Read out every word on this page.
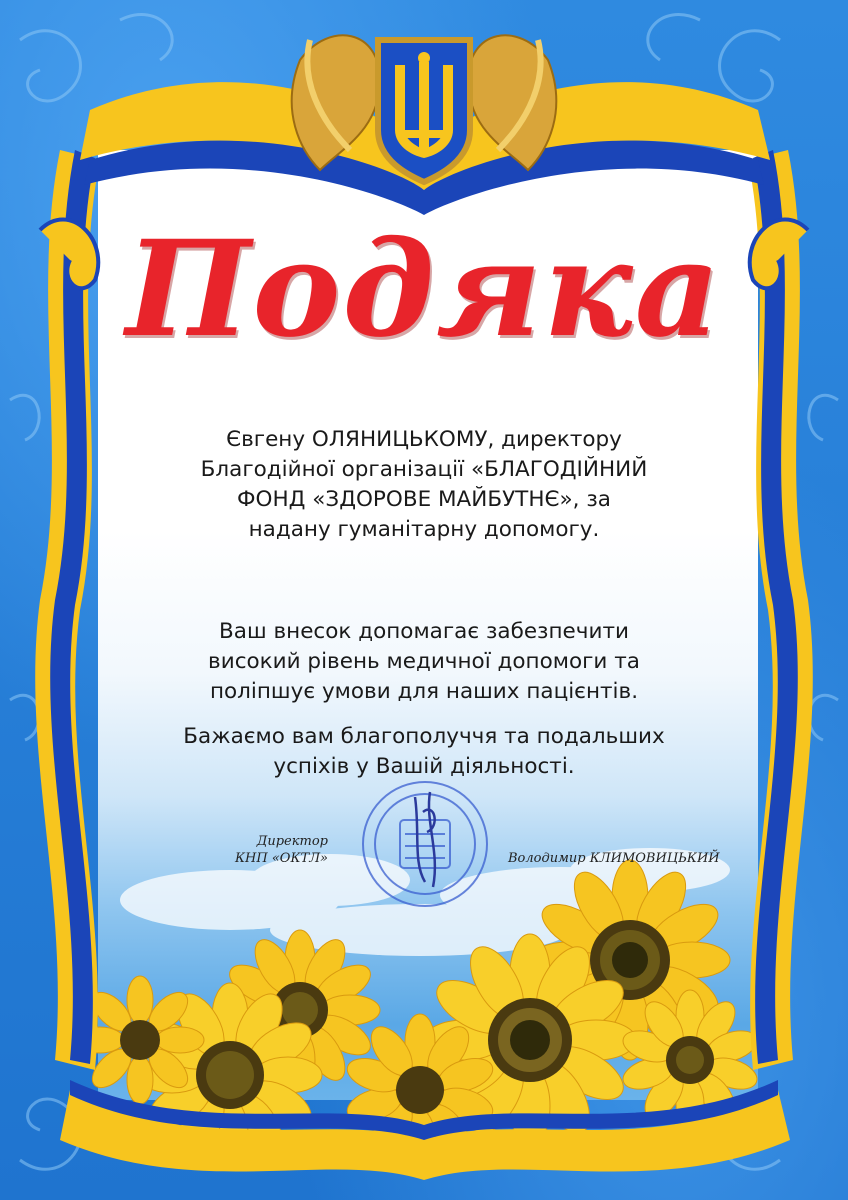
Подяка
Євгену ОЛЯНИЦЬКОМУ, директору
Благодійної організації «БЛАГОДІЙНИЙ
ФОНД «ЗДОРОВЕ МАЙБУТНЄ», за
надану гуманітарну допомогу.
Ваш внесок допомагає забезпечити
високий рівень медичної допомоги та
поліпшує умови для наших пацієнтів.
Бажаємо вам благополуччя та подальших
успіхів у Вашій діяльності.
Директор
КНП «ОКТЛ»	Володимир КЛИМОВИЦЬКИЙ
